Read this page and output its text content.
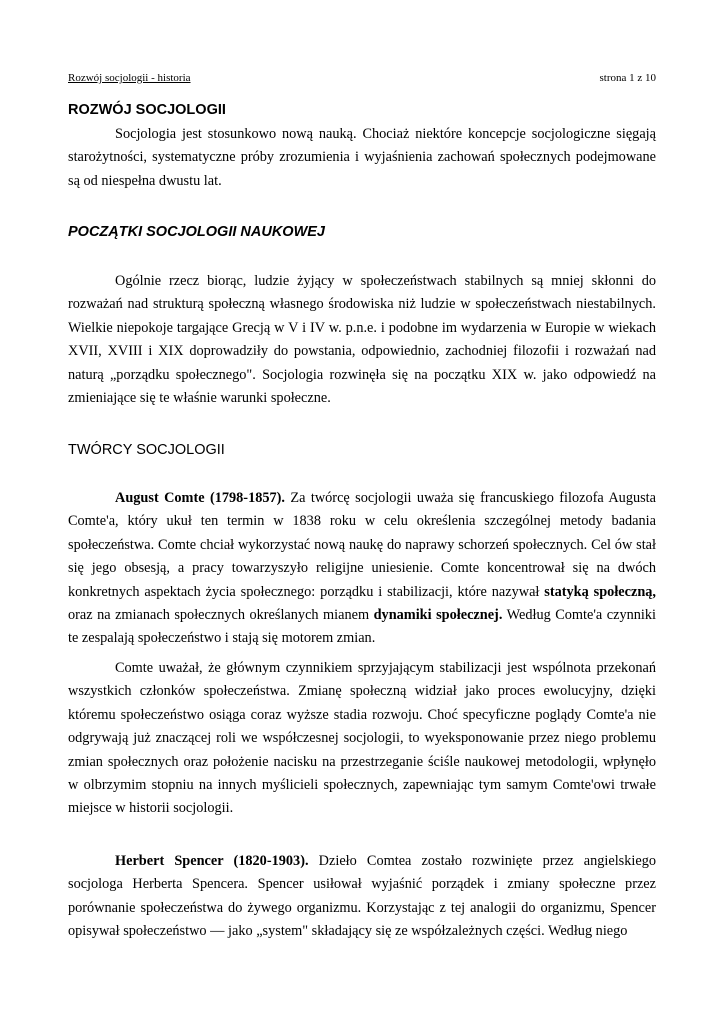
Rozwój socjologii - historia	strona 1 z 10
ROZWÓJ SOCJOLOGII

Socjologia jest stosunkowo nową nauką. Chociaż niektóre koncepcje socjologiczne sięgają starożytności, systematyczne próby zrozumienia i wyjaśnienia zachowań społecznych podejmowane są od niespełna dwustu lat.

POCZĄTKI SOCJOLOGII NAUKOWEJ

Ogólnie rzecz biorąc, ludzie żyjący w społeczeństwach stabilnych są mniej skłonni do rozważań nad strukturą społeczną własnego środowiska niż ludzie w społeczeństwach niestabilnych. Wielkie niepokoje targające Grecją w V i IV w. p.n.e. i podobne im wydarzenia w Europie w wiekach XVII, XVIII i XIX doprowadziły do powstania, odpowiednio, zachodniej filozofii i rozważań nad naturą „porządku społecznego". Socjologia rozwinęła się na początku XIX w. jako odpowiedź na zmieniające się te właśnie warunki społeczne.

TWÓRCY SOCJOLOGII

August Comte (1798-1857). Za twórcę socjologii uważa się francuskiego filozofa Augusta Comte'a, który ukuł ten termin w 1838 roku w celu określenia szczególnej metody badania społeczeństwa. Comte chciał wykorzystać nową naukę do naprawy schorzeń społecznych. Cel ów stał się jego obsesją, a pracy towarzyszyło religijne uniesienie. Comte koncentrował się na dwóch konkretnych aspektach życia społecznego: porządku i stabilizacji, które nazywał statyką społeczną, oraz na zmianach społecznych określanych mianem dynamiki społecznej. Według Comte'a czynniki te zespalają społeczeństwo i stają się motorem zmian.

Comte uważał, że głównym czynnikiem sprzyjającym stabilizacji jest wspólnota przekonań wszystkich członków społeczeństwa. Zmianę społeczną widział jako proces ewolucyjny, dzięki któremu społeczeństwo osiąga coraz wyższe stadia rozwoju. Choć specyficzne poglądy Comte'a nie odgrywają już znaczącej roli we współczesnej socjologii, to wyeksponowanie przez niego problemu zmian społecznych oraz położenie nacisku na przestrzeganie ściśle naukowej metodologii, wpłynęło w olbrzymim stopniu na innych myślicieli społecznych, zapewniając tym samym Comte'owi trwałe miejsce w historii socjologii.

Herbert Spencer (1820-1903). Dzieło Comtea zostało rozwinięte przez angielskiego socjologa Herberta Spencera. Spencer usiłował wyjaśnić porządek i zmiany społeczne przez porównanie społeczeństwa do żywego organizmu. Korzystając z tej analogii do organizmu, Spencer opisywał społeczeństwo — jako „system" składający się ze współzależnych części. Według niego
